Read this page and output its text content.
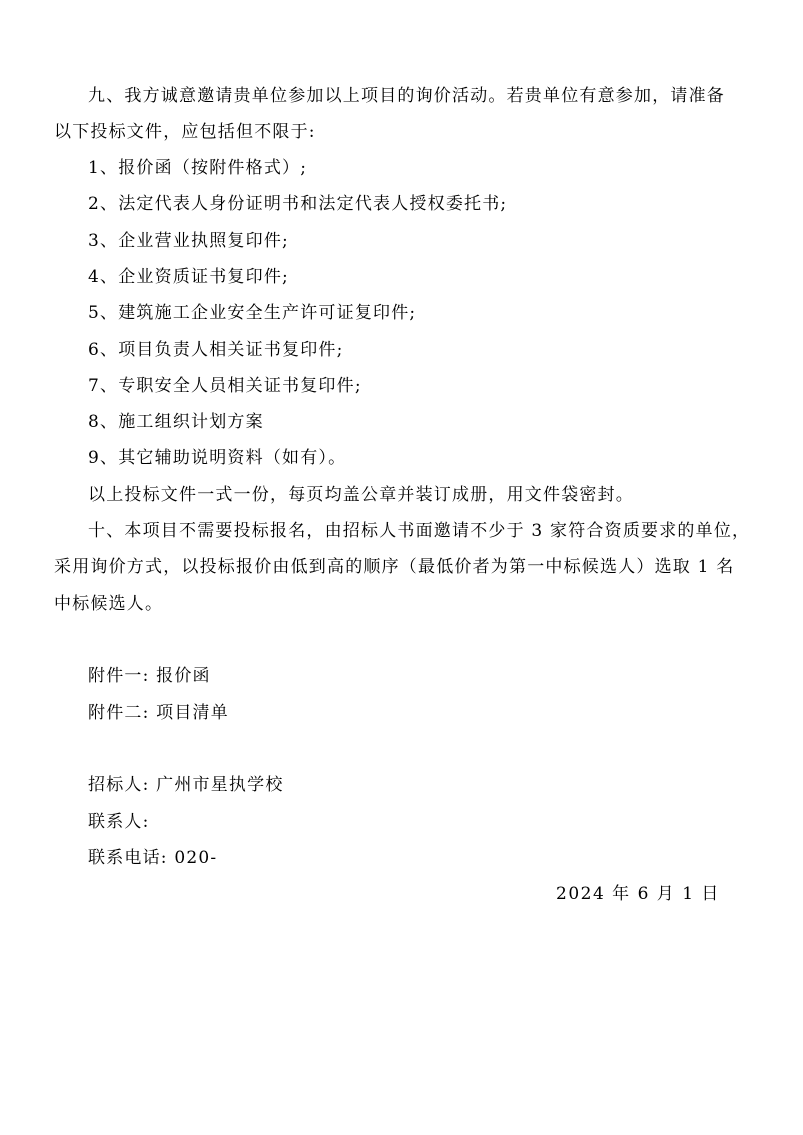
九、我方诚意邀请贵单位参加以上项目的询价活动。若贵单位有意参加，请准备
以下投标文件，应包括但不限于:
1、报价函（按附件格式）;
2、法定代表人身份证明书和法定代表人授权委托书;
3、企业营业执照复印件;
4、企业资质证书复印件;
5、建筑施工企业安全生产许可证复印件;
6、项目负责人相关证书复印件;
7、专职安全人员相关证书复印件;
8、施工组织计划方案
9、其它辅助说明资料（如有）。
以上投标文件一式一份，每页均盖公章并装订成册，用文件袋密封。
十、本项目不需要投标报名，由招标人书面邀请不少于 3 家符合资质要求的单位，
采用询价方式，以投标报价由低到高的顺序（最低价者为第一中标候选人）选取 1 名
中标候选人。
附件一: 报价函
附件二: 项目清单
招标人: 广州市星执学校
联系人:
联系电话: 020-
2024 年 6 月 1 日
